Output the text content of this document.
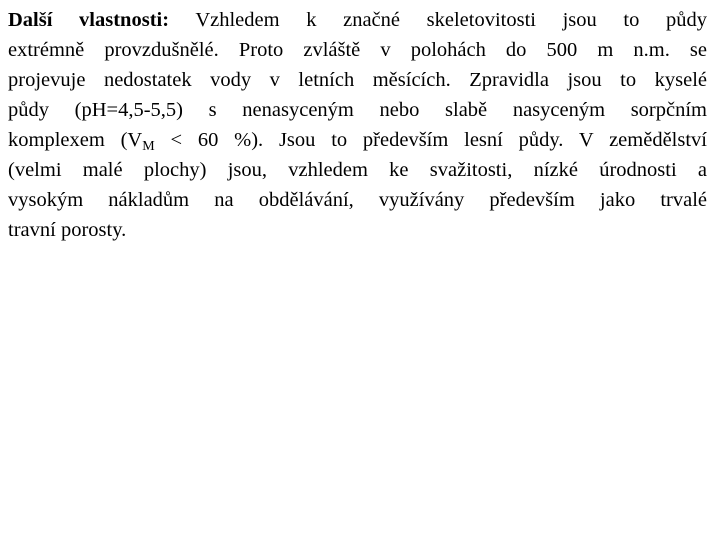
Další vlastnosti: Vzhledem k značné skeletovitosti jsou to půdy
extrémně provzdušnělé. Proto zvláště v polohách do 500 m n.m. se
projevuje nedostatek vody v letních měsících. Zpravidla jsou to kyselé
půdy (pH=4,5-5,5) s nenasyceným nebo slabě nasyceným sorpčním
komplexem ($V_M < 60$ %). Jsou to především lesní půdy. V zemědělství
(velmi malé plochy) jsou, vzhledem ke svažitosti, nízké úrodnosti a
vysokým nákladům na obdělávání, využívány především jako trvalé
travní porosty.
